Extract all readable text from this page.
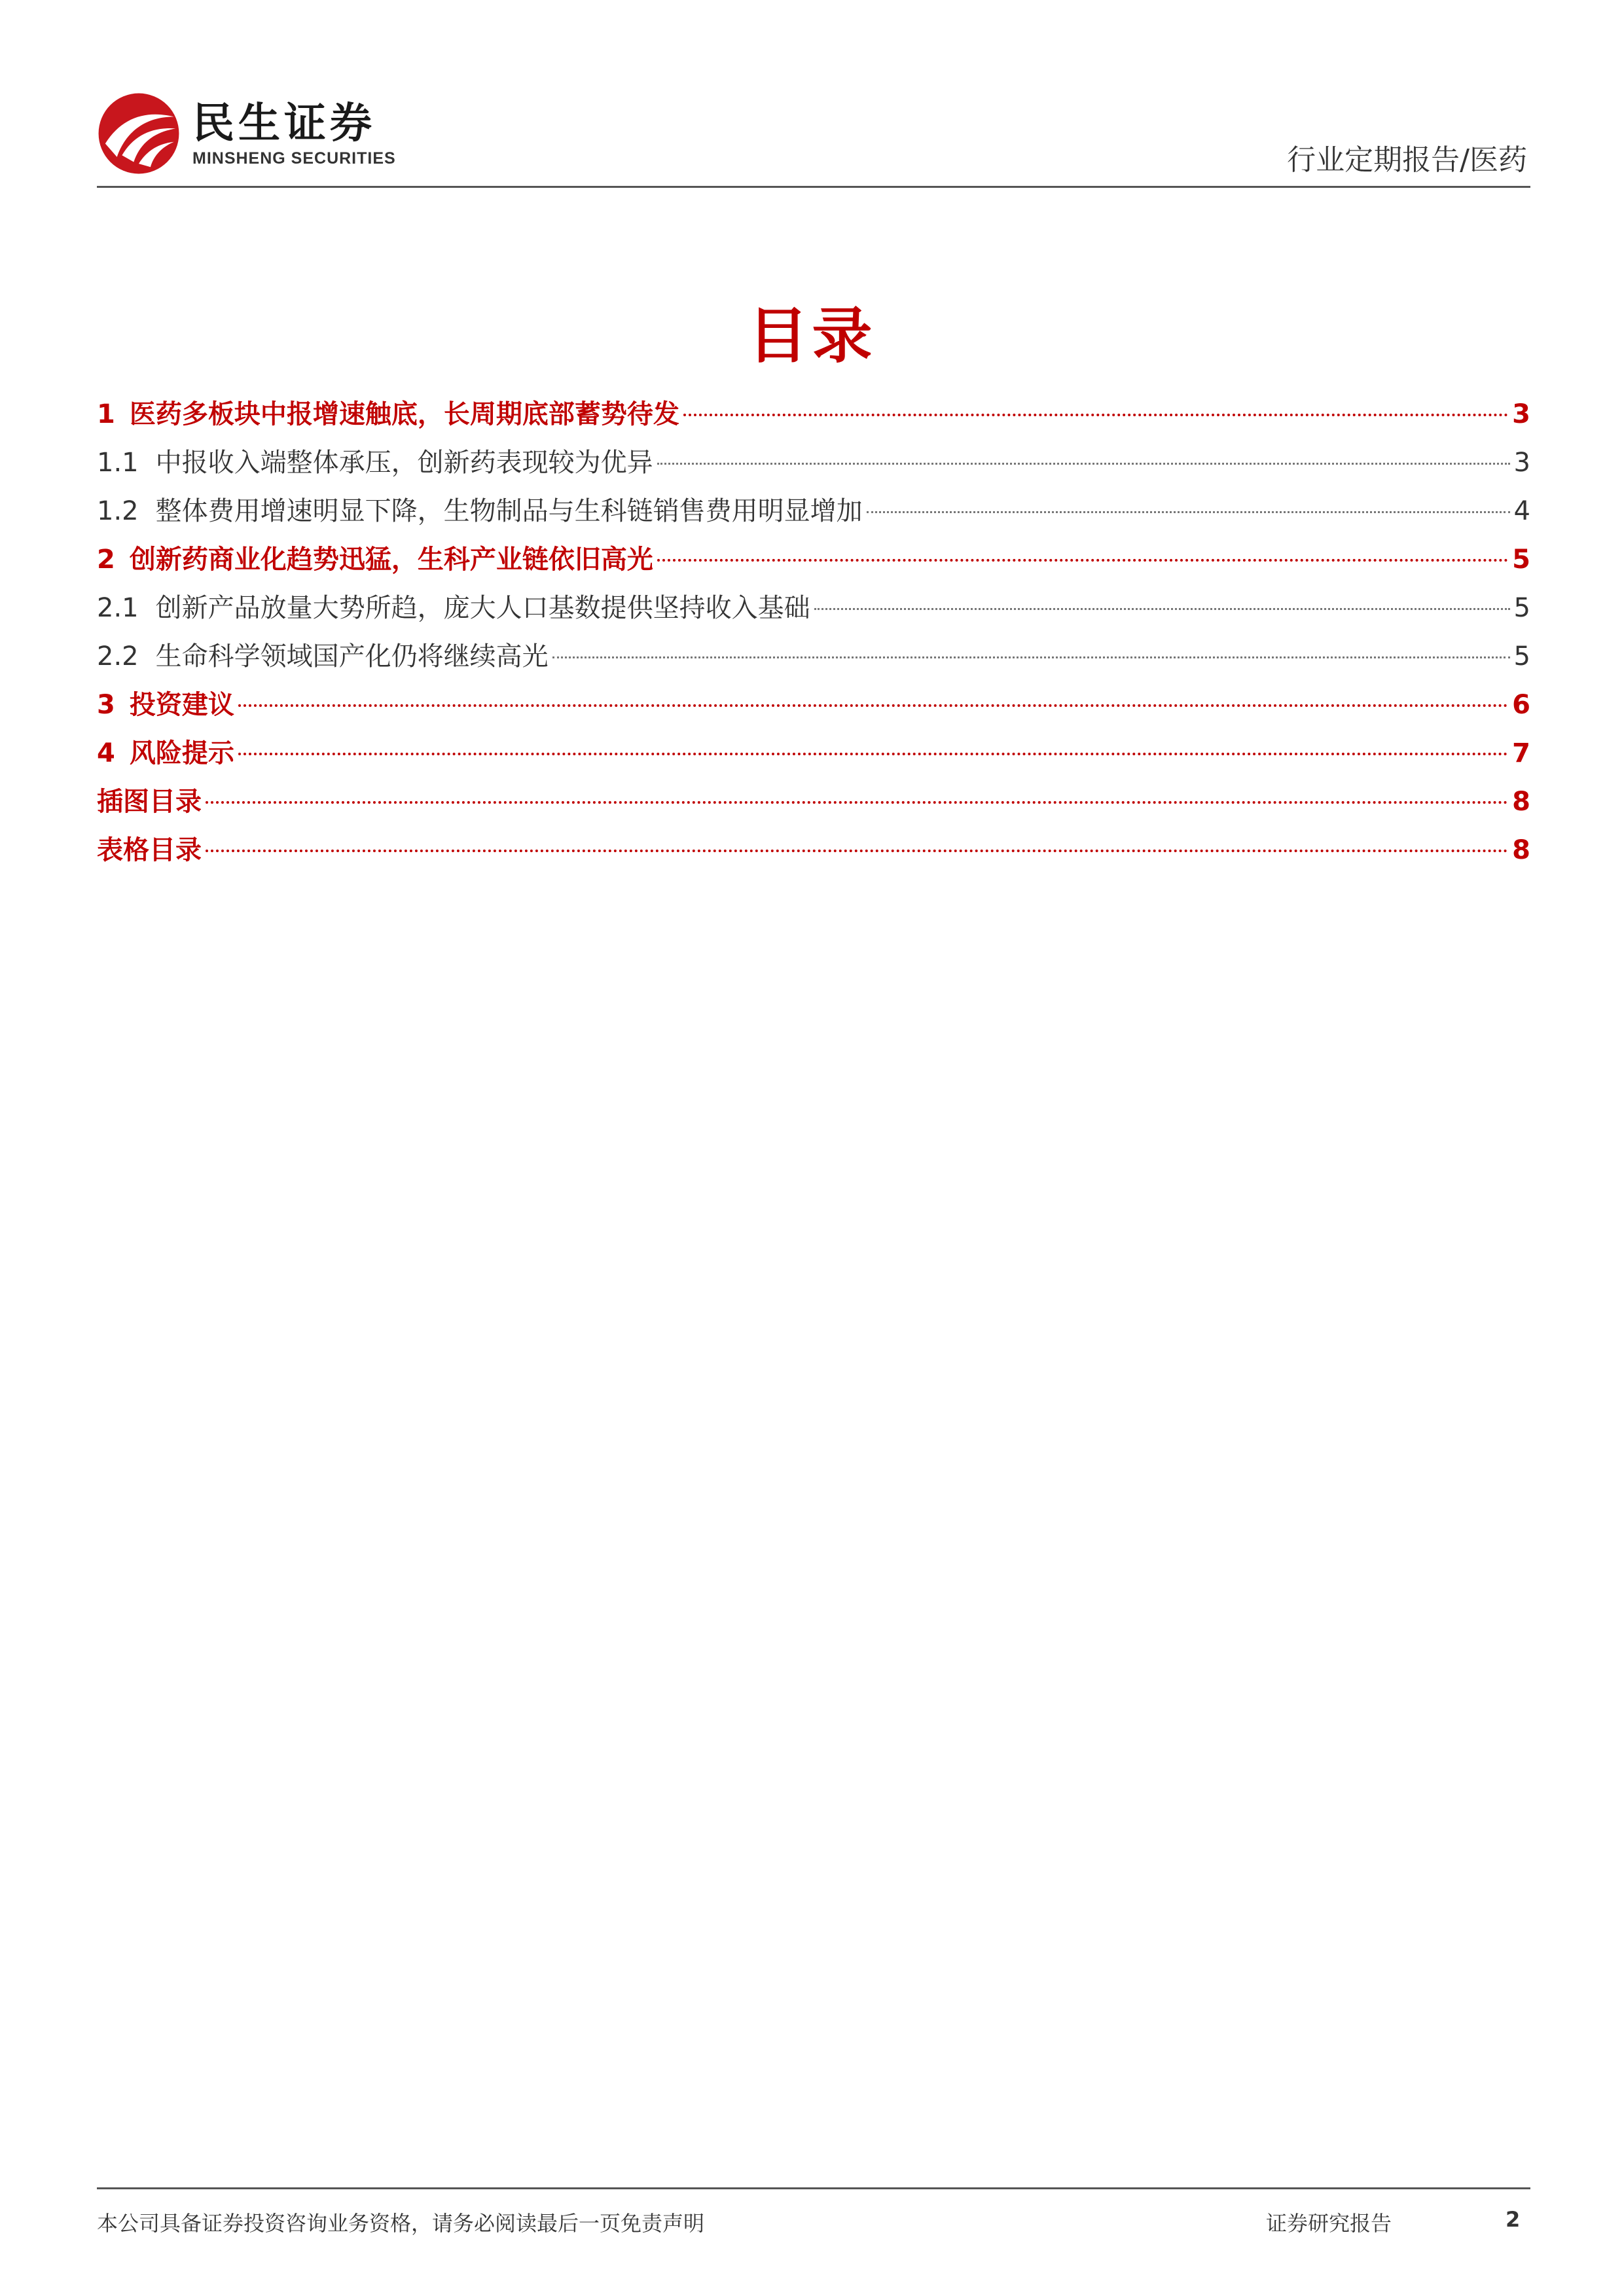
民生证券
MINSHENG SECURITIES	行业定期报告/医药
目录
1 医药多板块中报增速触底，长周期底部蓄势待发	3
1.1 中报收入端整体承压，创新药表现较为优异	3
1.2 整体费用增速明显下降，生物制品与生科链销售费用明显增加	4
2 创新药商业化趋势迅猛，生科产业链依旧高光	5
2.1 创新产品放量大势所趋，庞大人口基数提供坚持收入基础	5
2.2 生命科学领域国产化仍将继续高光	5
3 投资建议	6
4 风险提示	7
插图目录	8
表格目录	8
本公司具备证券投资咨询业务资格，请务必阅读最后一页免责声明	证券研究报告	2
